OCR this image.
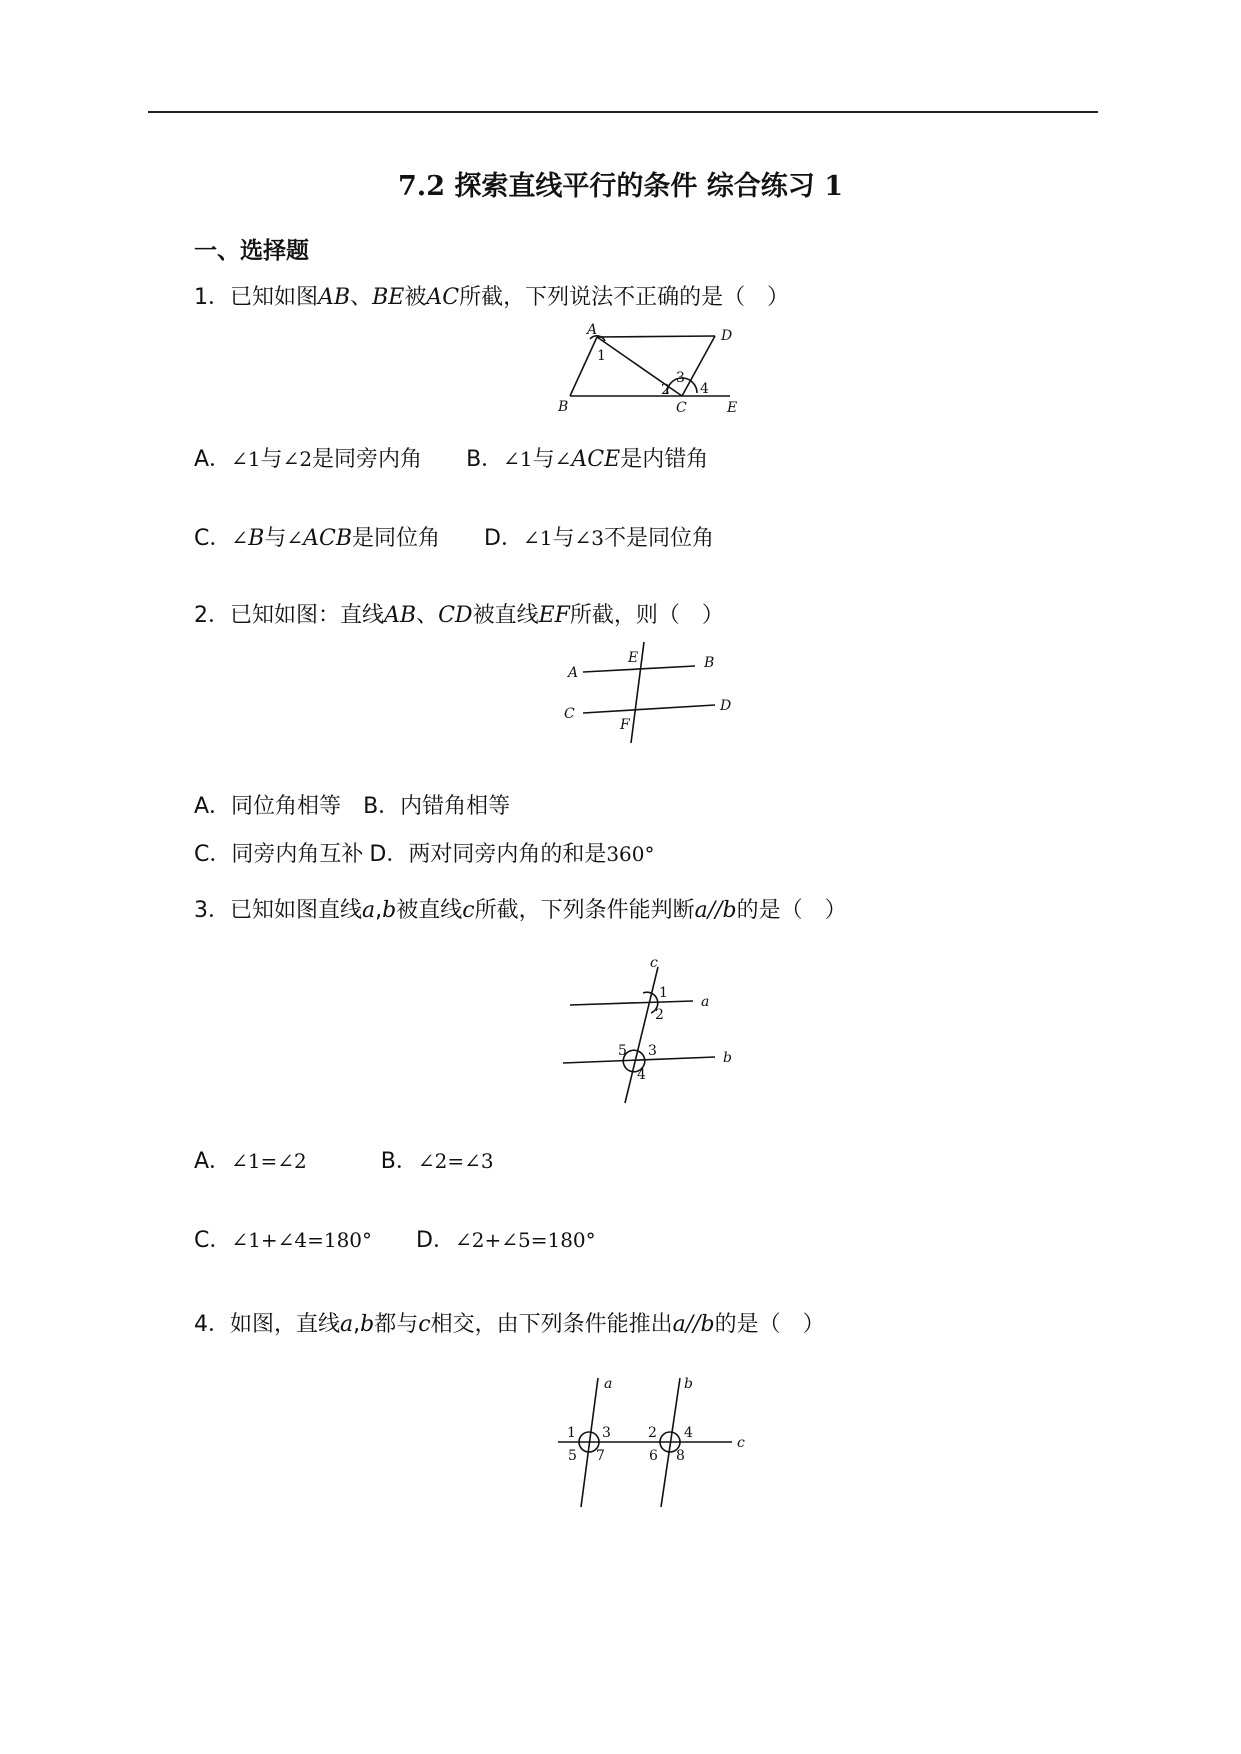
7.2 探索直线平行的条件 综合练习 1
一、选择题
1．已知如图AB、BE被AC所截，下列说法不正确的是（　）
A	D
B	C	E
1
2
3
4
A．∠1与∠2是同旁内角 B．∠1与∠ACE是内错角
C．∠B与∠ACB是同位角 D．∠1与∠3不是同位角
2．已知如图：直线AB、CD被直线EF所截，则（　）
A
B
C	D
E
F
A．同位角相等 B．内错角相等
C．同旁内角互补 D．两对同旁内角的和是360°
3．已知如图直线a,b被直线c所截，下列条件能判断a//b的是（　）
c
a
b
1
2
3
4
5
A．∠1=∠2	B．∠2=∠3
C．∠1+∠4=180° D．∠2+∠5=180°
4．如图，直线a,b都与c相交，由下列条件能推出a//b的是（　）
a	b
c
1 3
5 7
2 4
6 8
